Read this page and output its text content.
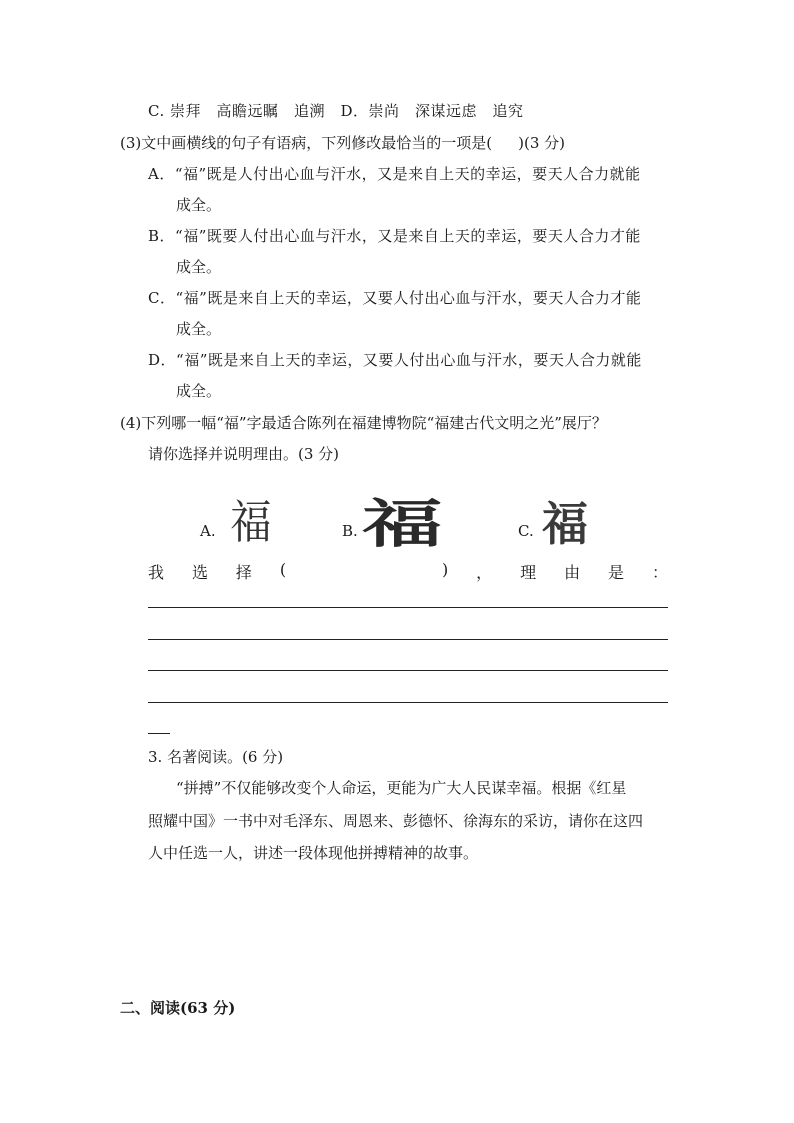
C. 崇拜　高瞻远瞩　追溯　D．崇尚　深谋远虑　追究
(3)文中画横线的句子有语病，下列修改最恰当的一项是( )(3 分)
A．“福”既是人付出心血与汗水，又是来自上天的幸运，要天人合力就能
成全。
B．“福”既要人付出心血与汗水，又是来自上天的幸运，要天人合力才能
成全。
C．“福”既是来自上天的幸运，又要人付出心血与汗水，要天人合力才能
成全。
D．“福”既是来自上天的幸运，又要人付出心血与汗水，要天人合力就能
成全。
(4)下列哪一幅“福”字最适合陈列在福建博物院“福建古代文明之光”展厅？
请你选择并说明理由。(3 分)
A. 福	B. 福	C. 福
我 选 择 (	) ， 理 由 是 ：
3. 名著阅读。(6 分)
“拼搏”不仅能够改变个人命运，更能为广大人民谋幸福。根据《红星
照耀中国》一书中对毛泽东、周恩来、彭德怀、徐海东的采访，请你在这四
人中任选一人，讲述一段体现他拼搏精神的故事。
二、阅读(63 分)
